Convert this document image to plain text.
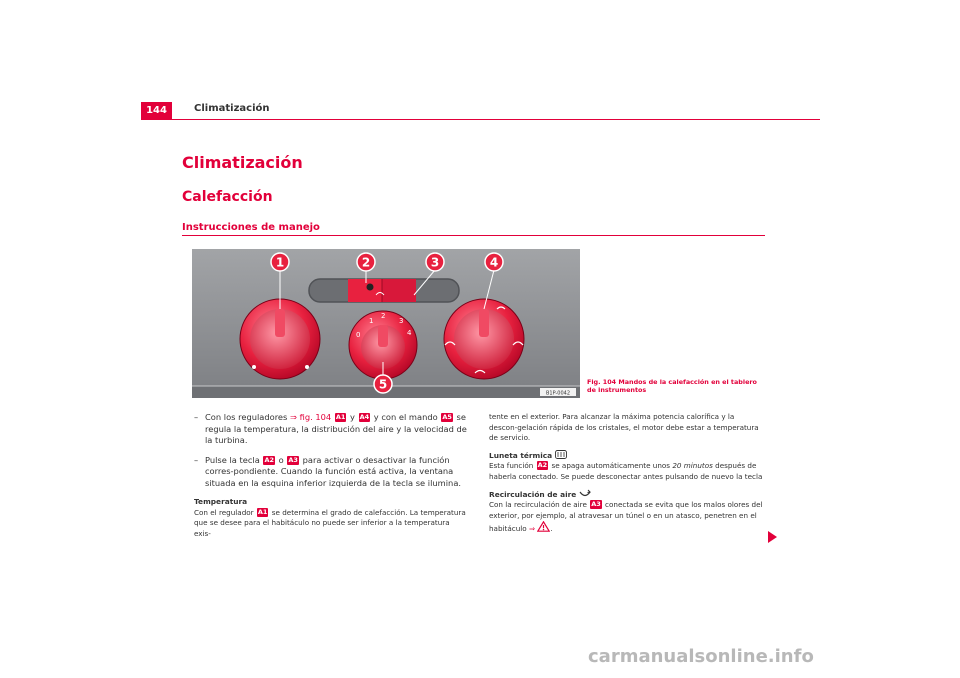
144	Climatización
Climatización
Calefacción
Instrucciones de manejo
0
1
2
3
4
1	2	3	4
5
B1P-0042
Fig. 104 Mandos de la calefacción en el tablero de instrumentos
– Con los reguladores ⇒ fig. 104 A1 y A4 y con el mando A5 se regula la temperatura, la distribución del aire y la velocidad de la turbina.
– Pulse la tecla A2 o A3 para activar o desactivar la función corres-pondiente. Cuando la función está activa, la ventana situada en la esquina inferior izquierda de la tecla se ilumina.
Temperatura
Con el regulador A1 se determina el grado de calefacción. La temperatura que se desee para el habitáculo no puede ser inferior a la temperatura exis-
tente en el exterior. Para alcanzar la máxima potencia calorífica y la descon-gelación rápida de los cristales, el motor debe estar a temperatura de servicio.
Luneta térmica
Esta función A2 se apaga automáticamente unos 20 minutos después de haberla conectado. Se puede desconectar antes pulsando de nuevo la tecla
Recirculación de aire
Con la recirculación de aire A3 conectada se evita que los malos olores del exterior, por ejemplo, al atravesar un túnel o en un atasco, penetren en el habitáculo ⇒ .
carmanualsonline.info
